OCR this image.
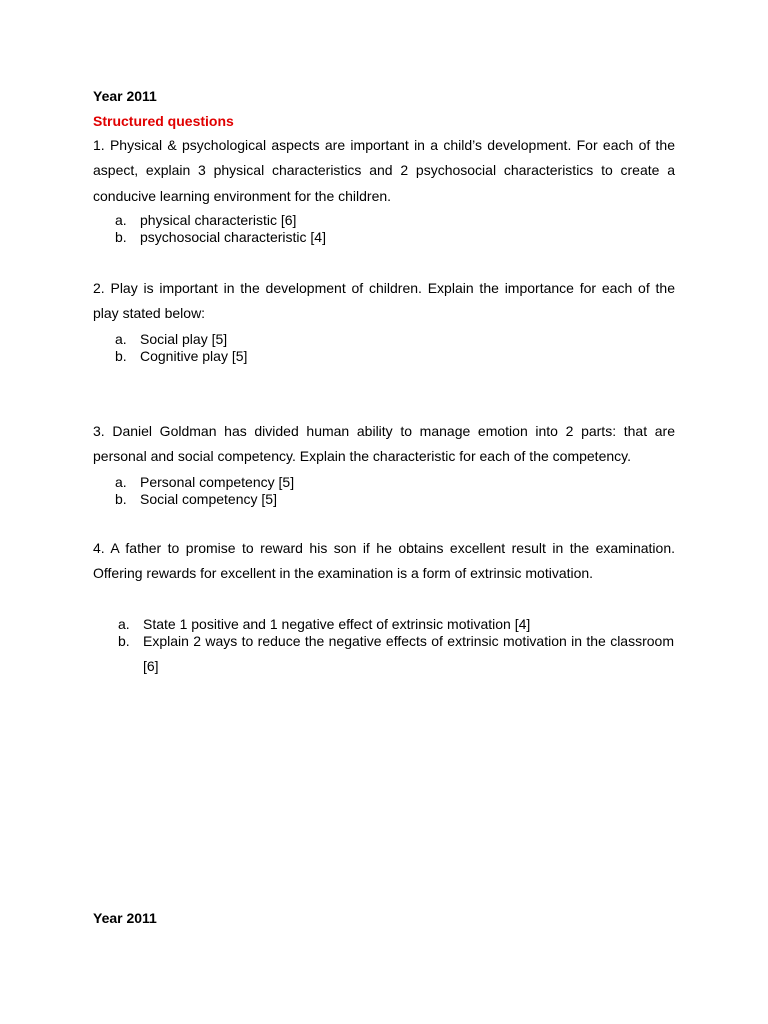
Year 2011
Structured questions
1. Physical & psychological aspects are important in a child’s development. For each of the aspect, explain 3 physical characteristics and 2 psychosocial characteristics to create a conducive learning environment for the children.
a. physical characteristic [6]
b. psychosocial characteristic [4]
2. Play is important in the development of children. Explain the importance for each of the play stated below:
a. Social play [5]
b. Cognitive play [5]
3. Daniel Goldman has divided human ability to manage emotion into 2 parts: that are personal and social competency. Explain the characteristic for each of the competency.
a. Personal competency [5]
b. Social competency [5]
4. A father to promise to reward his son if he obtains excellent result in the examination. Offering rewards for excellent in the examination is a form of extrinsic motivation.
a. State 1 positive and 1 negative effect of extrinsic motivation [4]
b. Explain 2 ways to reduce the negative effects of extrinsic motivation in the classroom [6]
Year 2011
